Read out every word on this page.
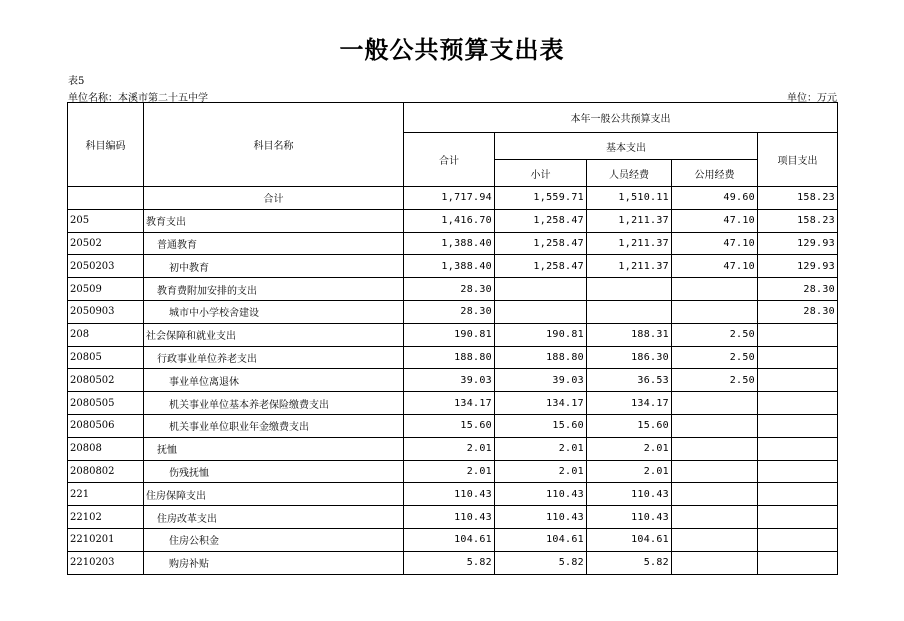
一般公共预算支出表
表5
单位名称：本溪市第二十五中学	单位：万元
科目编码	科目名称	本年一般公共预算支出				
		合计	基本支出			项目支出
			小计	人员经费	公用经费	
	合计	1,717.94	1,559.71	1,510.11	49.60	158.23
205	教育支出	1,416.70	1,258.47	1,211.37	47.10	158.23
20502	普通教育	1,388.40	1,258.47	1,211.37	47.10	129.93
2050203	初中教育	1,388.40	1,258.47	1,211.37	47.10	129.93
20509	教育费附加安排的支出	28.30				28.30
2050903	城市中小学校舍建设	28.30				28.30
208	社会保障和就业支出	190.81	190.81	188.31	2.50	
20805	行政事业单位养老支出	188.80	188.80	186.30	2.50	
2080502	事业单位离退休	39.03	39.03	36.53	2.50	
2080505	机关事业单位基本养老保险缴费支出	134.17	134.17	134.17		
2080506	机关事业单位职业年金缴费支出	15.60	15.60	15.60		
20808	抚恤	2.01	2.01	2.01		
2080802	伤残抚恤	2.01	2.01	2.01		
221	住房保障支出	110.43	110.43	110.43		
22102	住房改革支出	110.43	110.43	110.43		
2210201	住房公积金	104.61	104.61	104.61		
2210203	购房补贴	5.82	5.82	5.82		
